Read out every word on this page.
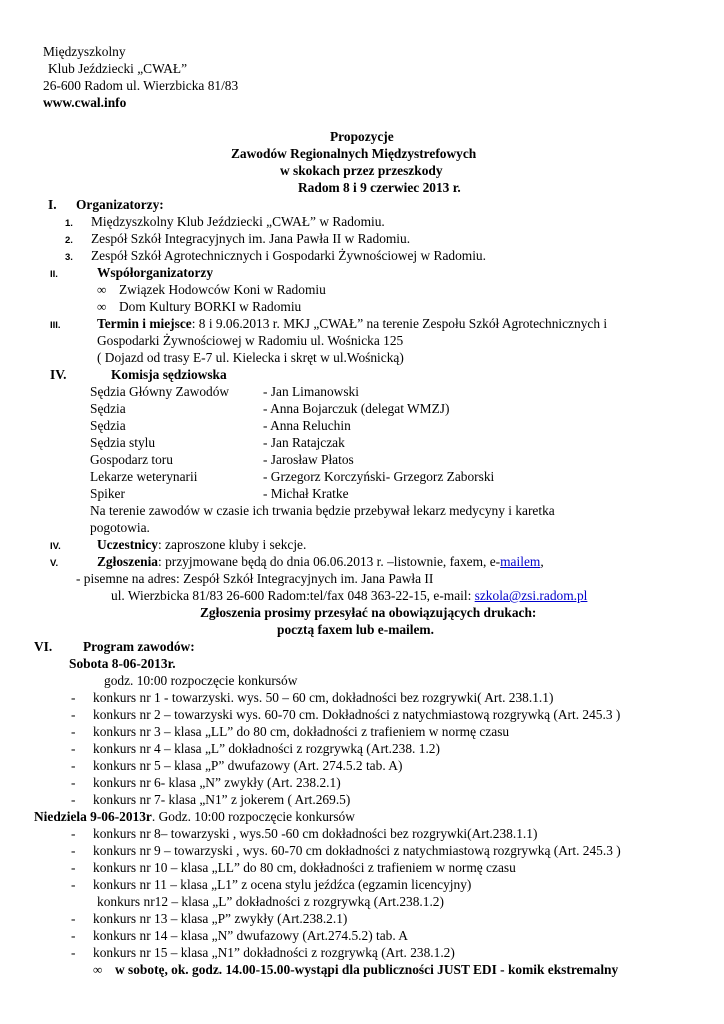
Międzyszkolny
Klub Jeździecki „CWAŁ”
26-600 Radom ul. Wierzbicka 81/83
www.cwal.info
Propozycje
Zawodów Regionalnych Międzystrefowych
w skokach przez przeszkody
Radom 8 i 9 czerwiec 2013 r.
I. Organizatorzy:
1. Międzyszkolny Klub Jeździecki „CWAŁ” w Radomiu.
2. Zespół Szkół Integracyjnych im. Jana Pawła II w Radomiu.
3. Zespół Szkół Agrotechnicznych i Gospodarki Żywnościowej w Radomiu.
II.	Współorganizatorzy
∞ Związek Hodowców Koni w Radomiu
∞ Dom Kultury BORKI w Radomiu
III.	Termin i miejsce: 8 i 9.06.2013 r. MKJ „CWAŁ” na terenie Zespołu Szkół Agrotechnicznych i
Gospodarki Żywnościowej w Radomiu ul. Wośnicka 125
( Dojazd od trasy E-7 ul. Kielecka i skręt w ul.Wośnicką)
IV.	Komisja sędziowska
Sędzia Główny Zawodów	- Jan Limanowski
Sędzia	- Anna Bojarczuk (delegat WMZJ)
Sędzia	- Anna Reluchin
Sędzia stylu	- Jan Ratajczak
Gospodarz toru	- Jarosław Płatos
Lekarze weterynarii	- Grzegorz Korczyński- Grzegorz Zaborski
Spiker	- Michał Kratke
Na terenie zawodów w czasie ich trwania będzie przebywał lekarz medycyny i karetka
pogotowia.
IV.	Uczestnicy: zaproszone kluby i sekcje.
V.	Zgłoszenia: przyjmowane będą do dnia 06.06.2013 r. –listownie, faxem, e-mailem,
- pisemne na adres: Zespół Szkół Integracyjnych im. Jana Pawła II
ul. Wierzbicka 81/83 26-600 Radom:tel/fax 048 363-22-15, e-mail: szkola@zsi.radom.pl
Zgłoszenia prosimy przesyłać na obowiązujących drukach:
pocztą faxem lub e-mailem.
VI. Program zawodów:
Sobota 8-06-2013r.
godz. 10:00 rozpoczęcie konkursów
- konkurs nr 1 - towarzyski. wys. 50 – 60 cm, dokładności bez rozgrywki( Art. 238.1.1)
- konkurs nr 2 – towarzyski wys. 60-70 cm. Dokładności z natychmiastową rozgrywką (Art. 245.3 )
- konkurs nr 3 – klasa „LL” do 80 cm, dokładności z trafieniem w normę czasu
- konkurs nr 4 – klasa „L” dokładności z rozgrywką (Art.238. 1.2)
- konkurs nr 5 – klasa „P” dwufazowy (Art. 274.5.2 tab. A)
- konkurs nr 6- klasa „N” zwykły (Art. 238.2.1)
- konkurs nr 7- klasa „N1” z jokerem ( Art.269.5)
Niedziela 9-06-2013r. Godz. 10:00 rozpoczęcie konkursów
- konkurs nr 8– towarzyski , wys.50 -60 cm dokładności bez rozgrywki(Art.238.1.1)
- konkurs nr 9 – towarzyski , wys. 60-70 cm dokładności z natychmiastową rozgrywką (Art. 245.3 )
- konkurs nr 10 – klasa „LL” do 80 cm, dokładności z trafieniem w normę czasu
- konkurs nr 11 – klasa „L1” z ocena stylu jeźdźca (egzamin licencyjny)
konkurs nr12 – klasa „L” dokładności z rozgrywką (Art.238.1.2)
- konkurs nr 13 – klasa „P” zwykły (Art.238.2.1)
- konkurs nr 14 – klasa „N” dwufazowy (Art.274.5.2) tab. A
- konkurs nr 15 – klasa „N1” dokładności z rozgrywką (Art. 238.1.2)
∞ w sobotę, ok. godz. 14.00-15.00-wystąpi dla publiczności JUST EDI - komik ekstremalny
